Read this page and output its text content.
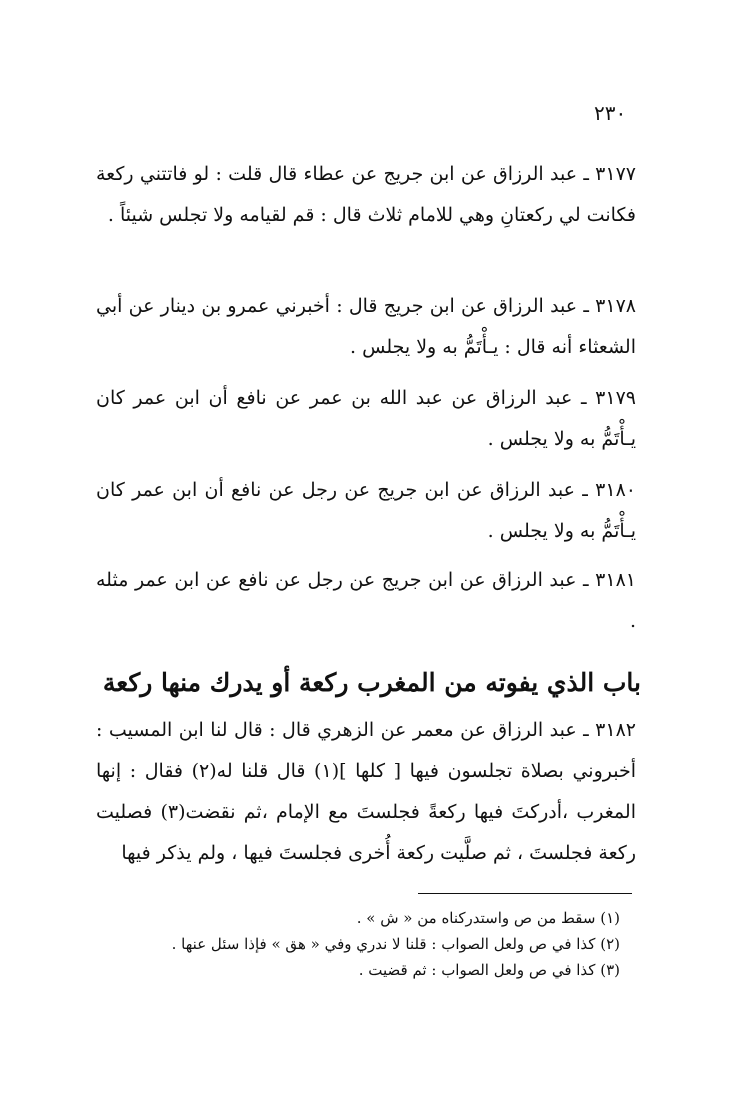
٢٣٠

٣١٧٧ ـ عبد الرزاق عن ابن جريج عن عطاء قال قلت : لو فاتتني ركعة فكانت لي ركعتانِ وهي للامام ثلاث قال : قم لقيامه ولا تجلس شيئاً .

٣١٧٨ ـ عبد الرزاق عن ابن جريج قال : أخبرني عمرو بن دينار عن أبي الشعثاء أنه قال : يـأْتَمُّ به ولا يجلس .

٣١٧٩ ـ عبد الرزاق عن عبد الله بن عمر عن نافع أن ابن عمر كان يـأْتَمُّ به ولا يجلس .

٣١٨٠ ـ عبد الرزاق عن ابن جريج عن رجل عن نافع أن ابن عمر كان يـأْتَمُّ به ولا يجلس .

٣١٨١ ـ عبد الرزاق عن ابن جريج عن رجل عن نافع عن ابن عمر مثله .

باب الذي يفوته من المغرب ركعة أو يدرك منها ركعة

٣١٨٢ ـ عبد الرزاق عن معمر عن الزهري قال : قال لنا ابن المسيب : أخبروني بصلاة تجلسون فيها [ كلها ](١) قال قلنا له(٢) فقال : إنها المغرب ،أدركتَ فيها ركعةً فجلستَ مع الإمام ،ثم نقضت(٣) فصليت ركعة فجلستَ ، ثم صلَّيت ركعة أُخرى فجلستَ فيها ، ولم يذكر فيها

(١) سقط من ص واستدركناه من « ش » .
(٢) كذا في ص ولعل الصواب : قلنا لا ندري وفي « هق » فإذا سئل عنها .
(٣) كذا في ص ولعل الصواب : ثم قضيت .
